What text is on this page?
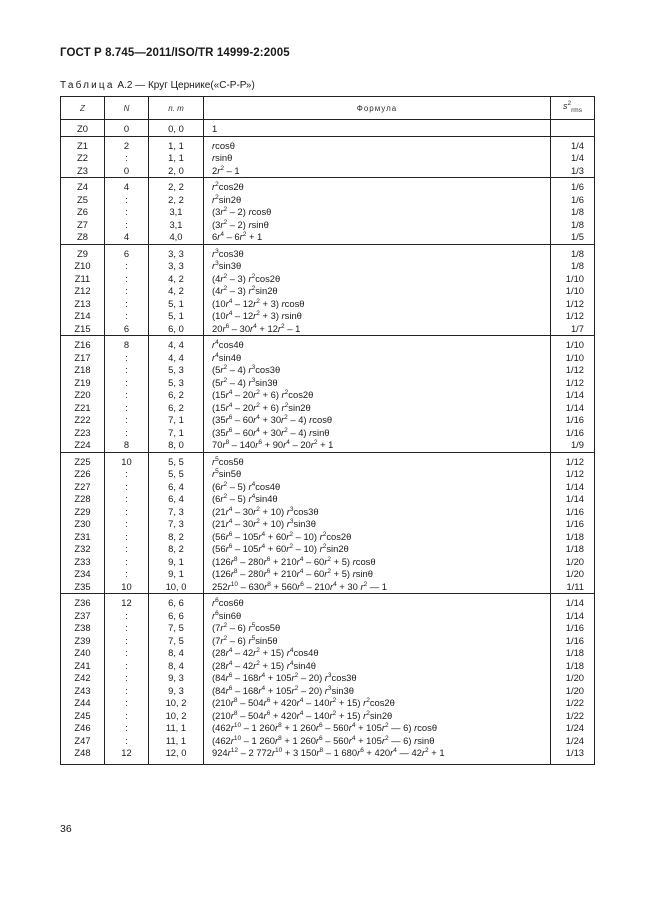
ГОСТ Р 8.745—2011/ISO/TR 14999-2:2005
Таблица А.2 — Круг Цернике(«С-Р-Р»)
Z	N	n. m	Формула	$s^2_{rms}$

Z0	0	0, 0	1	

Z1	2	1, 1	rcosθ	1/4
Z2	:	1, 1	rsinθ	1/4
Z3	0	2, 0	$2r^2 - 1$	1/3

Z4	4	2, 2	$r^2\cos 2\theta$	1/6
Z5	:	2, 2	$r^2\sin 2\theta$	1/6
Z6	:	3,1	$(3r^2 - 2)$ rcosθ	1/8
Z7	:	3,1	$(3r^2 - 2)$ rsinθ	1/8
Z8	4	4,0	$6r^4 - 6r^2 + 1$	1/5

Z9	6	3, 3	$r^3\cos 3\theta$	1/8
Z10	:	3, 3	$r^3\sin 3\theta$	1/8
Z11	:	4, 2	$(4r^2 - 3)$ $r^2\cos 2\theta$	1/10
Z12	:	4, 2	$(4r^2 - 3)$ $r^2\sin 2\theta$	1/10
Z13	:	5, 1	$(10r^4 - 12r^2 + 3)$ rcosθ	1/12
Z14	:	5, 1	$(10r^4 - 12r^2 + 3)$ rsinθ	1/12
Z15	6	6, 0	$20r^6 - 30r^4 + 12r^2 - 1$	1/7

Z16	8	4, 4	$r^4\cos 4\theta$	1/10
Z17	:	4, 4	$r^4\sin 4\theta$	1/10
Z18	:	5, 3	$(5r^2 - 4)$ $r^3\cos 3\theta$	1/12
Z19	:	5, 3	$(5r^2 - 4)$ $r^3\sin 3\theta$	1/12
Z20	:	6, 2	$(15r^4 - 20r^2 + 6)$ $r^2\cos 2\theta$	1/14
Z21	:	6, 2	$(15r^4 - 20r^2 + 6)$ $r^2\sin 2\theta$	1/14
Z22	:	7, 1	$(35r^6 - 60r^4 + 30r^2 - 4)$ rcosθ	1/16
Z23	:	7, 1	$(35r^6 - 60r^4 + 30r^2 - 4)$ rsinθ	1/16
Z24	8	8, 0	$70r^8 - 140r^6 + 90r^4 - 20r^2 + 1$	1/9

Z25	10	5, 5	$r^5\cos 5\theta$	1/12
Z26	:	5, 5	$r^5\sin 5\theta$	1/12
Z27	:	6, 4	$(6r^2 - 5)$ $r^4\cos 4\theta$	1/14
Z28	:	6, 4	$(6r^2 - 5)$ $r^4\sin 4\theta$	1/14
Z29	:	7, 3	$(21r^4 - 30r^2 + 10)$ $r^3\cos 3\theta$	1/16
Z30	:	7, 3	$(21r^4 - 30r^2 + 10)$ $r^3\sin 3\theta$	1/16
Z31	:	8, 2	$(56r^6 - 105r^4 + 60r^2 - 10)$ $r^2\cos 2\theta$	1/18
Z32	:	8, 2	$(56r^6 - 105r^4 + 60r^2 - 10)$ $r^2\sin 2\theta$	1/18
Z33	:	9, 1	$(126r^8 - 280r^6 + 210r^4 - 60r^2 + 5)$ rcosθ	1/20
Z34	:	9, 1	$(126r^8 - 280r^6 + 210r^4 - 60r^2 + 5)$ rsinθ	1/20
Z35	10	10, 0	$252r^{10} - 630r^8 + 560r^6 - 210r^4 + 30$ $r^2$ — 1	1/11

Z36	12	6, 6	$r^6\cos 6\theta$	1/14
Z37	:	6, 6	$r^6\sin 6\theta$	1/14
Z38	:	7, 5	$(7r^2 - 6)$ $r^5\cos 5\theta$	1/16
Z39	:	7, 5	$(7r^2 - 6)$ $r^5\sin 5\theta$	1/16
Z40	:	8, 4	$(28r^4 - 42r^2 + 15)$ $r^4\cos 4\theta$	1/18
Z41	:	8, 4	$(28r^4 - 42r^2 + 15)$ $r^4\sin 4\theta$	1/18
Z42	:	9, 3	$(84r^6 - 168r^4 + 105r^2 - 20)$ $r^3\cos 3\theta$	1/20
Z43	:	9, 3	$(84r^6 - 168r^4 + 105r^2 - 20)$ $r^3\sin 3\theta$	1/20
Z44	:	10, 2	$(210r^8 - 504r^6 + 420r^4 - 140r^2 + 15)$ $r^2\cos 2\theta$	1/22
Z45	:	10, 2	$(210r^8 - 504r^6 + 420r^4 - 140r^2 + 15)$ $r^2\sin 2\theta$	1/22
Z46	:	11, 1	($462r^{10} - 1$ $260r^8 + 1$ $260r^6 - 560r^4 + 105r^2$ — 6) rcosθ	1/24
Z47	:	11, 1	($462r^{10} - 1$ $260r^8 + 1$ $260r^6 - 560r^4 + 105r^2$ — 6) rsinθ	1/24
Z48	12	12, 0	$924r^{12} - 2$ $772r^{10} + 3$ $150r^8 - 1$ $680r^6 + 420r^4$ — $42r^2 + 1$	1/13

36
